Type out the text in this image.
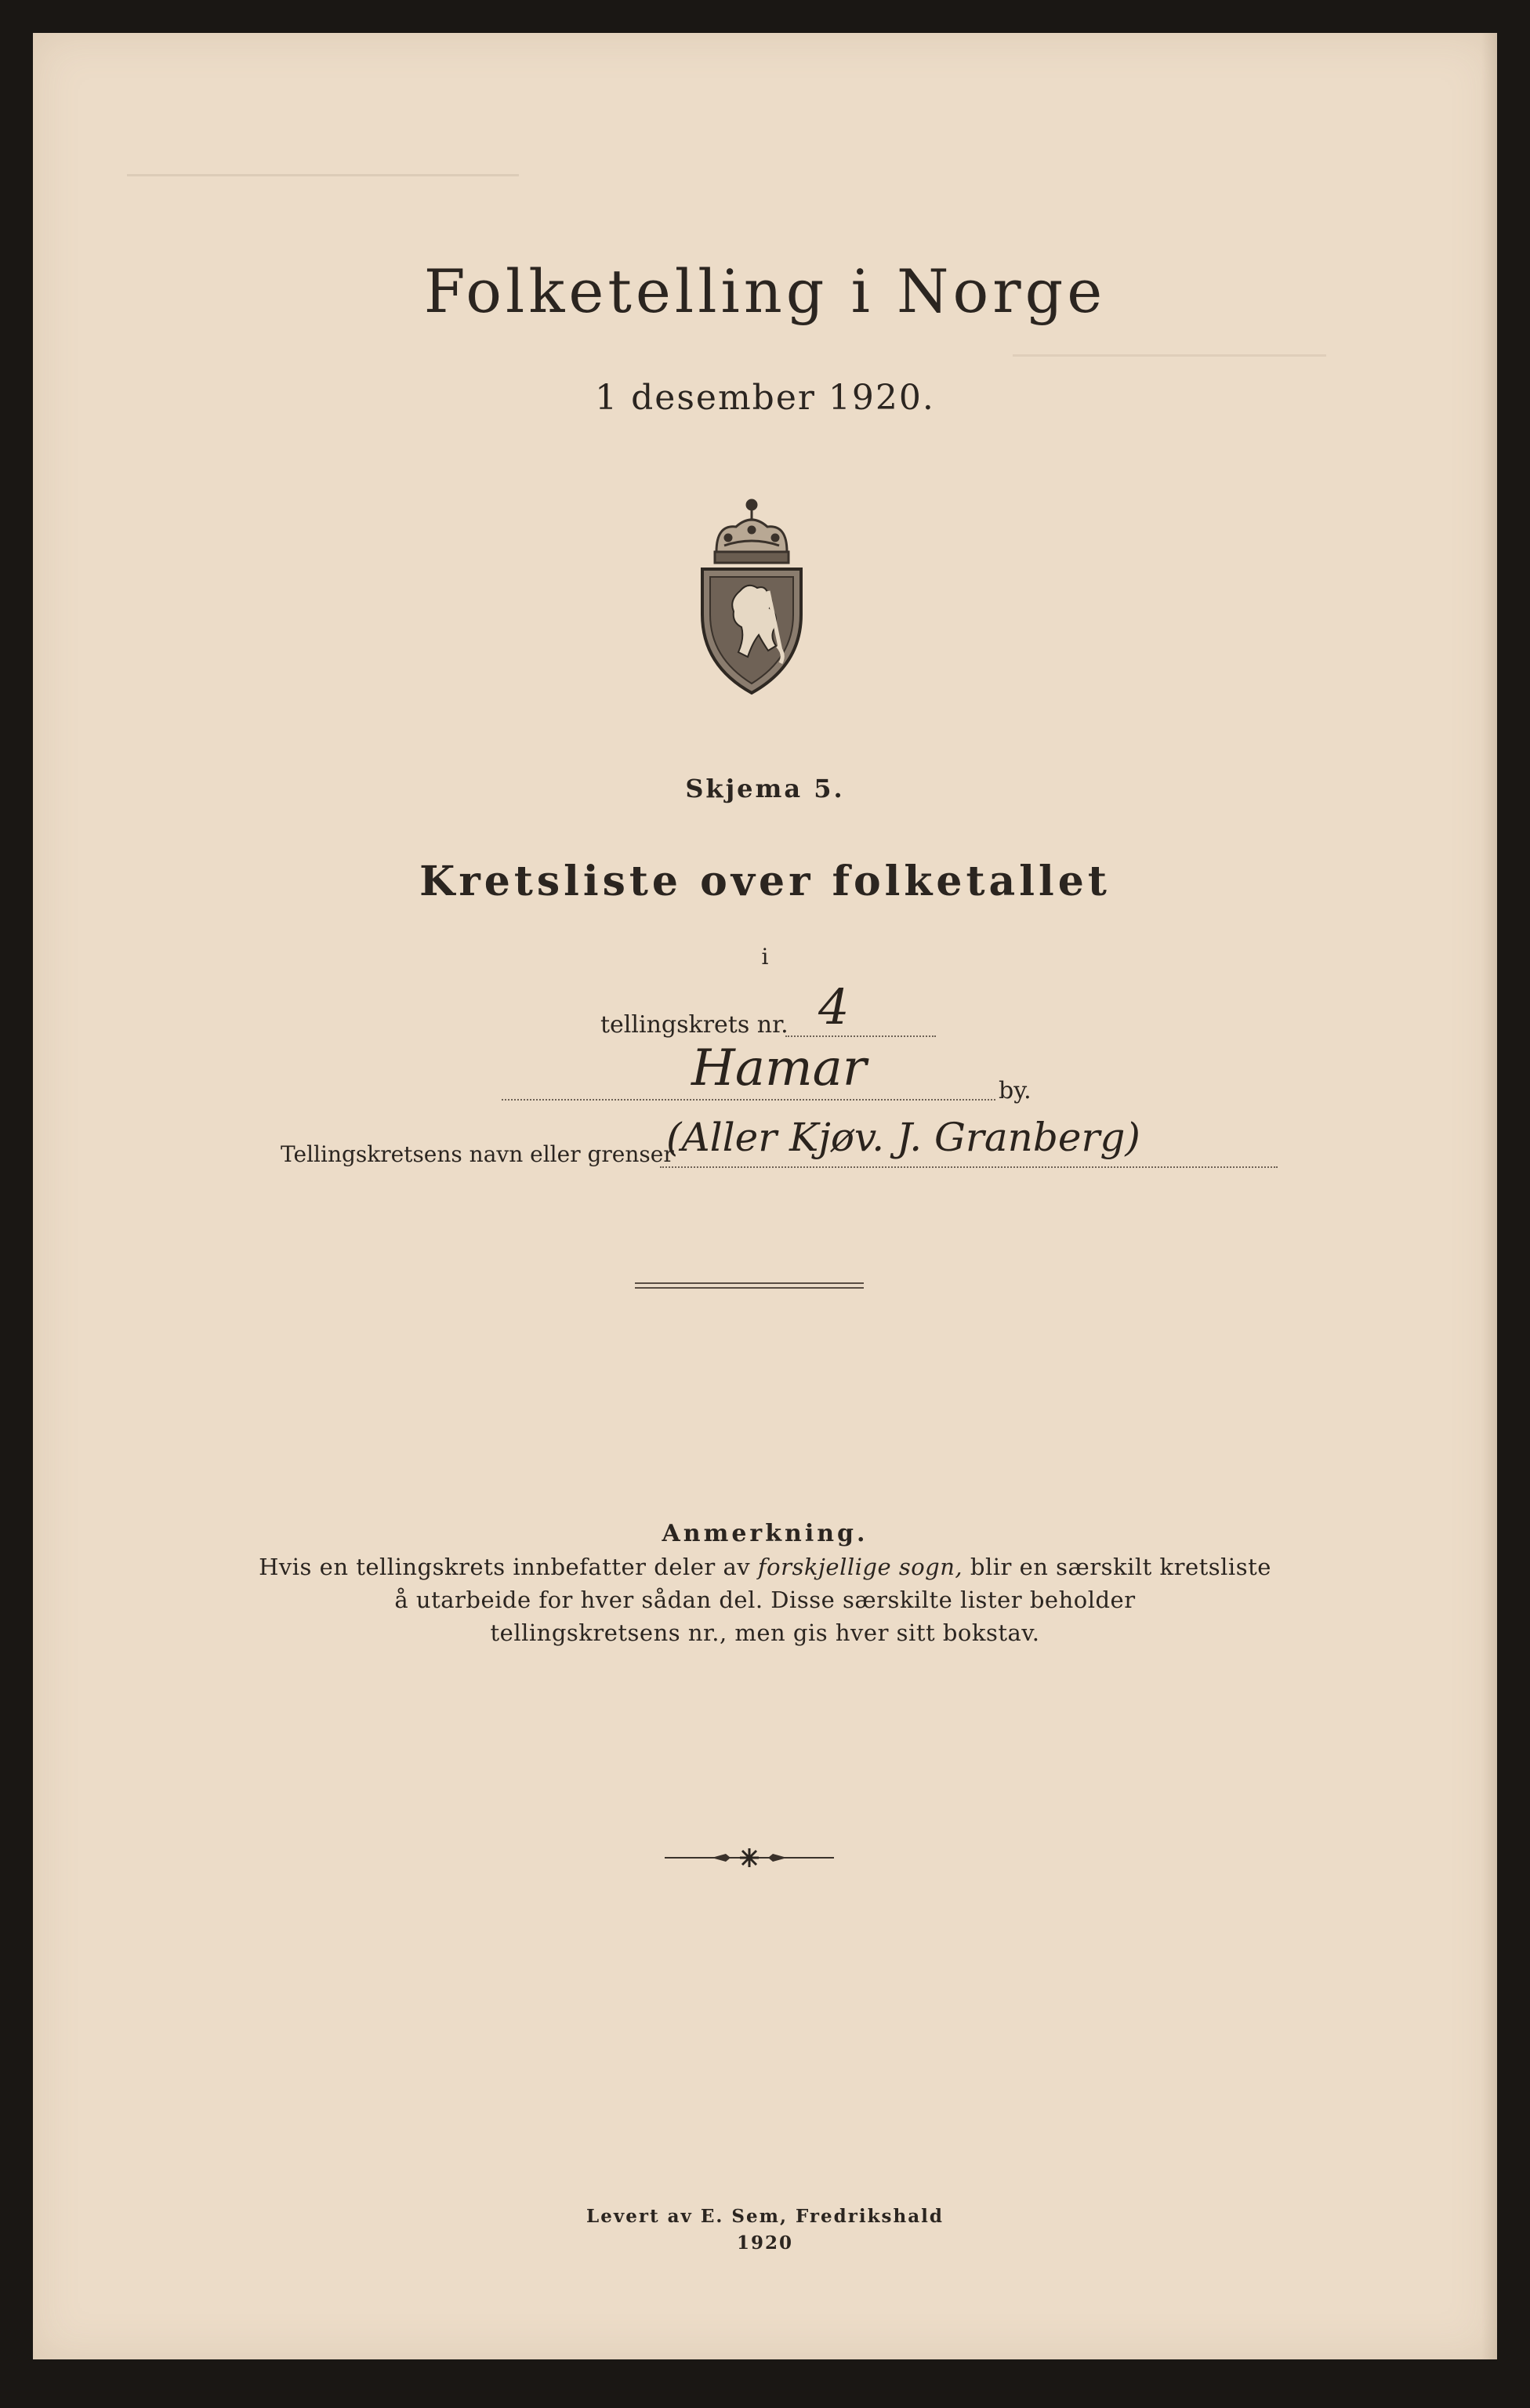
Folketelling i Norge
1 desember 1920.
Skjema 5.
Kretsliste over folketallet
i
tellingskrets nr. 4
Hamar	by.
Tellingskretsens navn eller grenser
(Aller Kjøv. J. Granberg)
Anmerkning.
Hvis en tellingskrets innbefatter deler av forskjellige sogn, blir en særskilt kretsliste
å utarbeide for hver sådan del. Disse særskilte lister beholder
tellingskretsens nr., men gis hver sitt bokstav.
Levert av E. Sem, Fredrikshald
1920
